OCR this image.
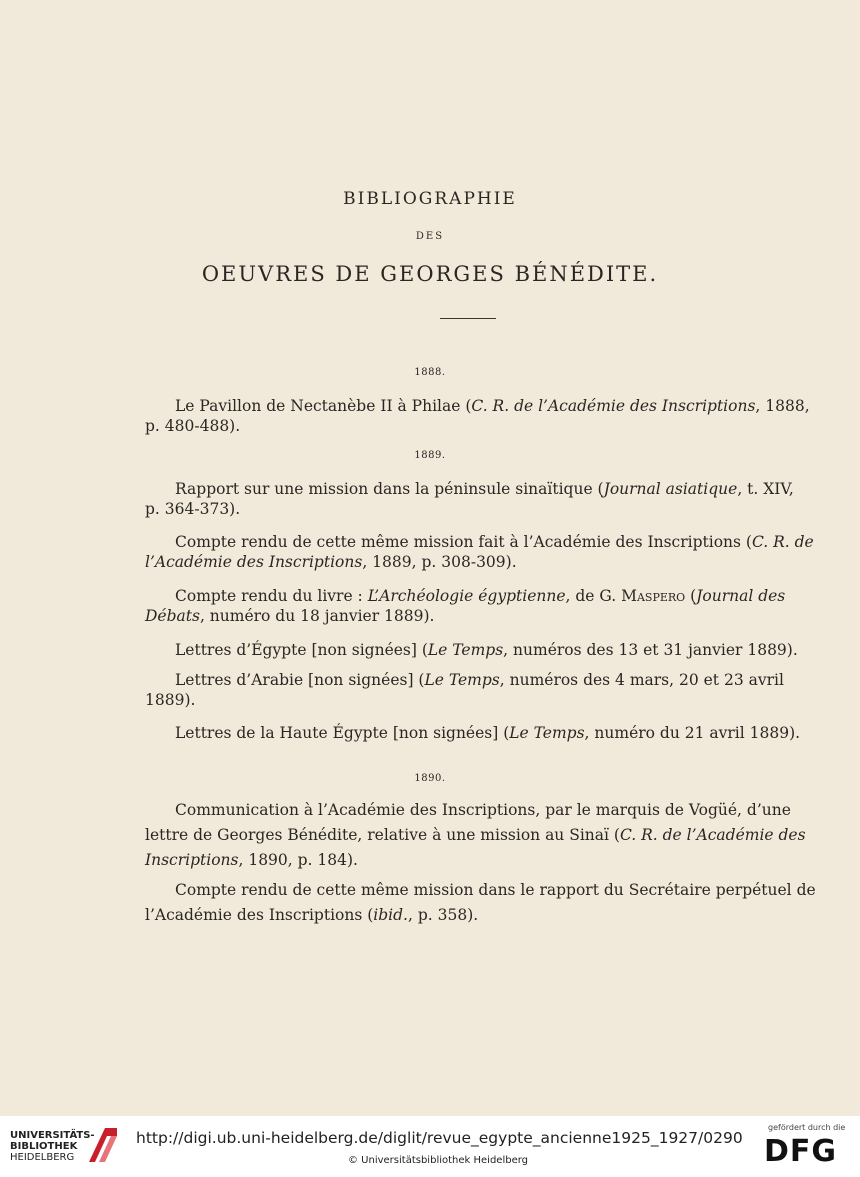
BIBLIOGRAPHIE
DES
OEUVRES DE GEORGES BÉNÉDITE.
1888.
Le Pavillon de Nectanèbe II à Philae (C. R. de l’Académie des Inscriptions, 1888,
p. 480-488).
1889.
Rapport sur une mission dans la péninsule sinaïtique (Journal asiatique, t. XIV,
p. 364-373).
Compte rendu de cette même mission fait à l’Académie des Inscriptions (C. R. de
l’Académie des Inscriptions, 1889, p. 308-309).
Compte rendu du livre : L’Archéologie égyptienne, de G. Maspero (Journal des
Débats, numéro du 18 janvier 1889).
Lettres d’Égypte [non signées] (Le Temps, numéros des 13 et 31 janvier 1889).
Lettres d’Arabie [non signées] (Le Temps, numéros des 4 mars, 20 et 23 avril
1889).
Lettres de la Haute Égypte [non signées] (Le Temps, numéro du 21 avril 1889).
1890.
Communication à l’Académie des Inscriptions, par le marquis de Vogüé, d’une
lettre de Georges Bénédite, relative à une mission au Sinaï (C. R. de l’Académie des
Inscriptions, 1890, p. 184).
Compte rendu de cette même mission dans le rapport du Secrétaire perpétuel de
l’Académie des Inscriptions (ibid., p. 358).
UNIVERSITÄTS-
BIBLIOTHEK
HEIDELBERG
http://digi.ub.uni-heidelberg.de/diglit/revue_egypte_ancienne1925_1927/0290
© Universitätsbibliothek Heidelberg
gefördert durch die
DFG
